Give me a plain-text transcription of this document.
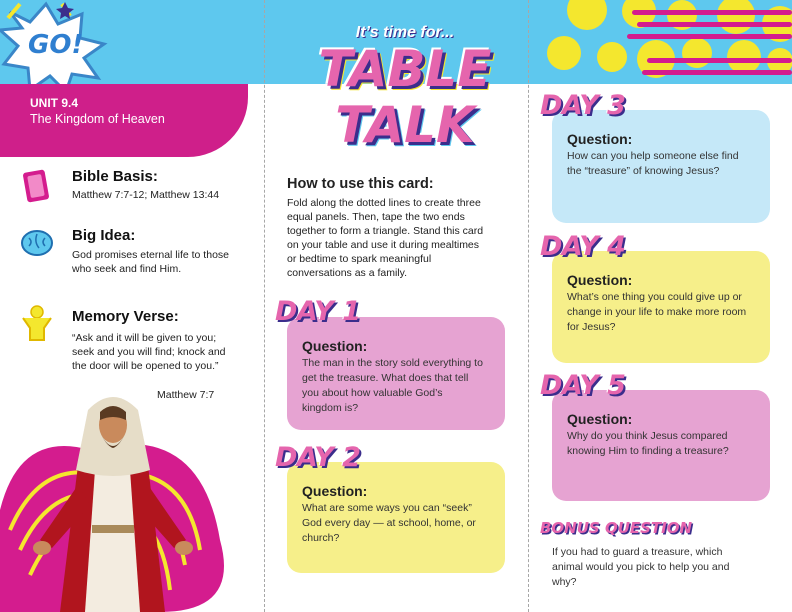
GO!
UNIT 9.4
The Kingdom of Heaven
Bible Basis:
Matthew 7:7-12; Matthew 13:44
Big Idea:
God promises eternal life to those
who seek and find Him.
Memory Verse:
“Ask and it will be given to you;
seek and you will find; knock and
the door will be opened to you.”
Matthew 7:7
It’s time for...
TABLE
TALK
How to use this card:
Fold along the dotted lines to create three
equal panels. Then, tape the two ends
together to form a triangle. Stand this card
on your table and use it during mealtimes
or bedtime to spark meaningful
conversations as a family.
DAY 1
Question:
The man in the story sold everything to
get the treasure. What does that tell
you about how valuable God’s
kingdom is?
DAY 2
Question:
What are some ways you can “seek”
God every day — at school, home, or
church?
DAY 3
Question:
How can you help someone else find
the “treasure” of knowing Jesus?
DAY 4
Question:
What’s one thing you could give up or
change in your life to make more room
for Jesus?
DAY 5
Question:
Why do you think Jesus compared
knowing Him to finding a treasure?
BONUS QUESTION
If you had to guard a treasure, which
animal would you pick to help you and
why?
